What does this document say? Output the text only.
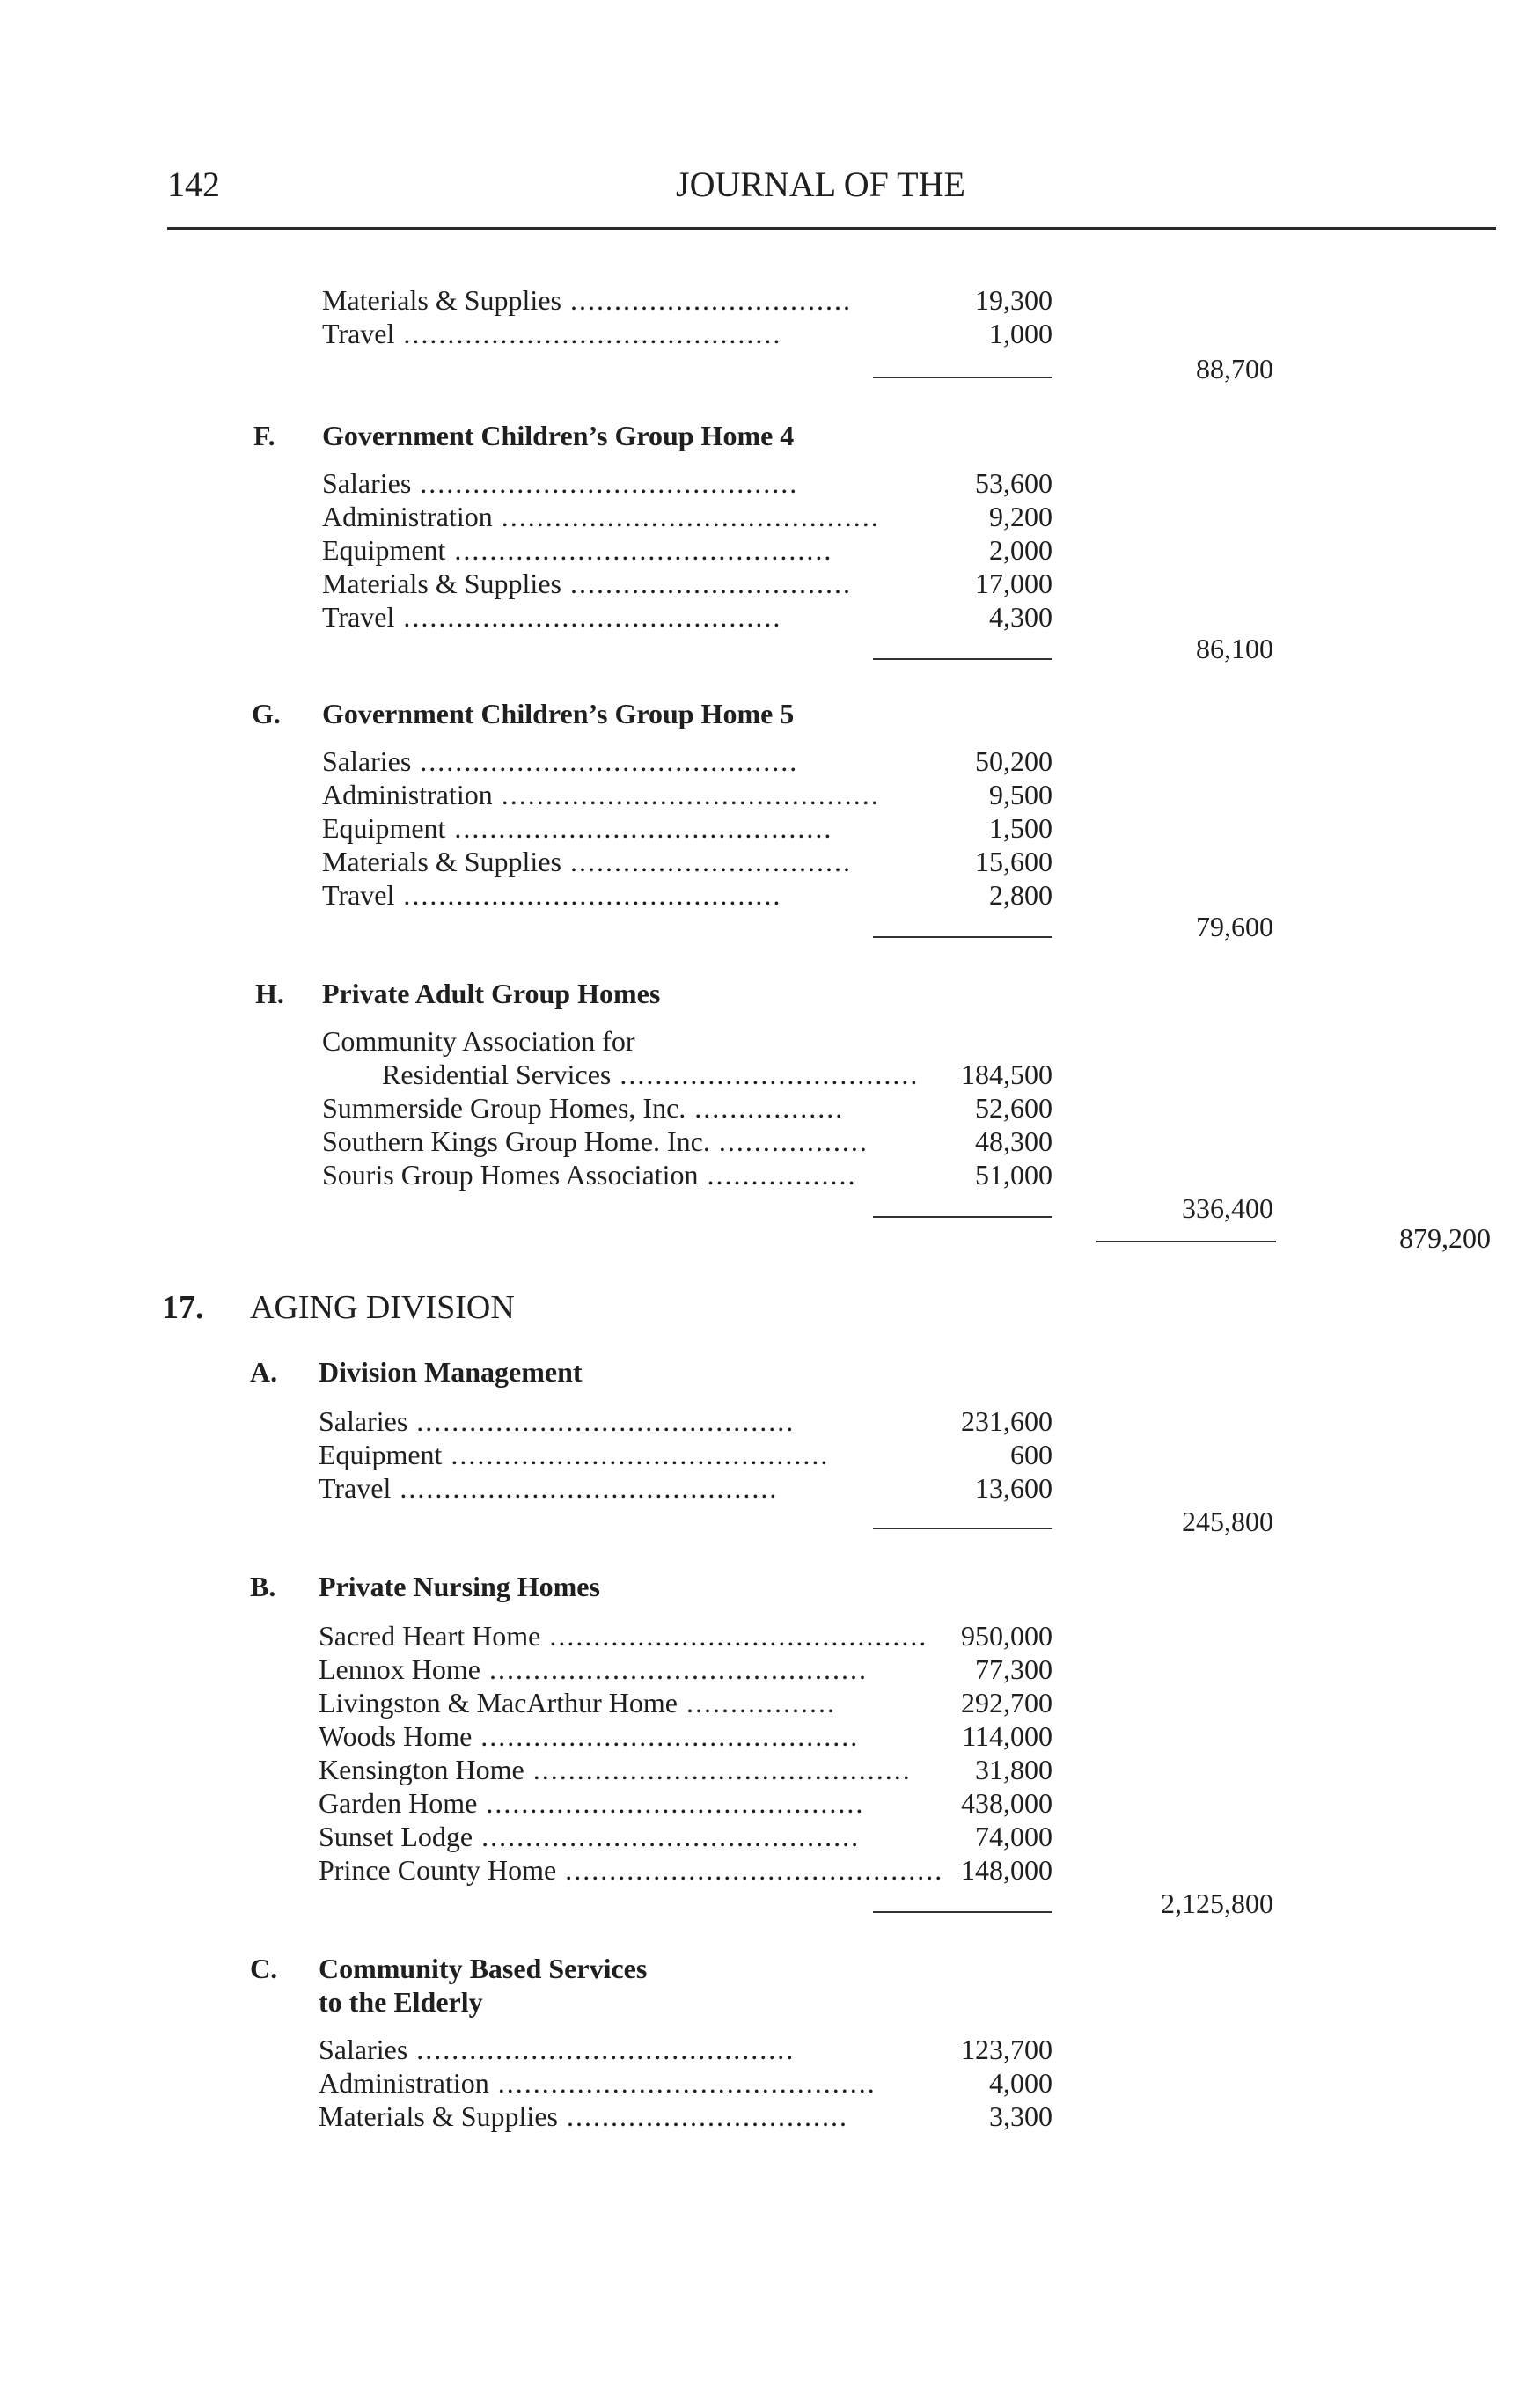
142	JOURNAL OF THE
Materials & Supplies ................................	19,300
Travel ...........................................	1,000
88,700
F. Government Children’s Group Home 4
Salaries ...........................................	53,600
Administration ...........................................	9,200
Equipment ...........................................	2,000
Materials & Supplies ................................	17,000
Travel ...........................................	4,300
86,100
G. Government Children’s Group Home 5
Salaries ...........................................	50,200
Administration ...........................................	9,500
Equipment ...........................................	1,500
Materials & Supplies ................................	15,600
Travel ...........................................	2,800
79,600
H. Private Adult Group Homes
Community Association for
Residential Services .................................. 184,500
Summerside Group Homes, Inc. .................	52,600
Southern Kings Group Home. Inc. .................	48,300
Souris Group Homes Association .................	51,000
336,400
879,200
17. AGING DIVISION
A. Division Management
Salaries ...........................................	231,600
Equipment ...........................................	600
Travel ...........................................	13,600
245,800
B. Private Nursing Homes
Sacred Heart Home ........................................... 950,000
Lennox Home ...........................................	77,300
Livingston & MacArthur Home .................	292,700
Woods Home ...........................................	114,000
Kensington Home ........................................... 31,800
Garden Home ...........................................	438,000
Sunset Lodge ...........................................	74,000
Prince County Home ........................................... 148,000
2,125,800
C. Community Based Services
to the Elderly
Salaries ...........................................	123,700
Administration ...........................................	4,000
Materials & Supplies ................................	3,300
